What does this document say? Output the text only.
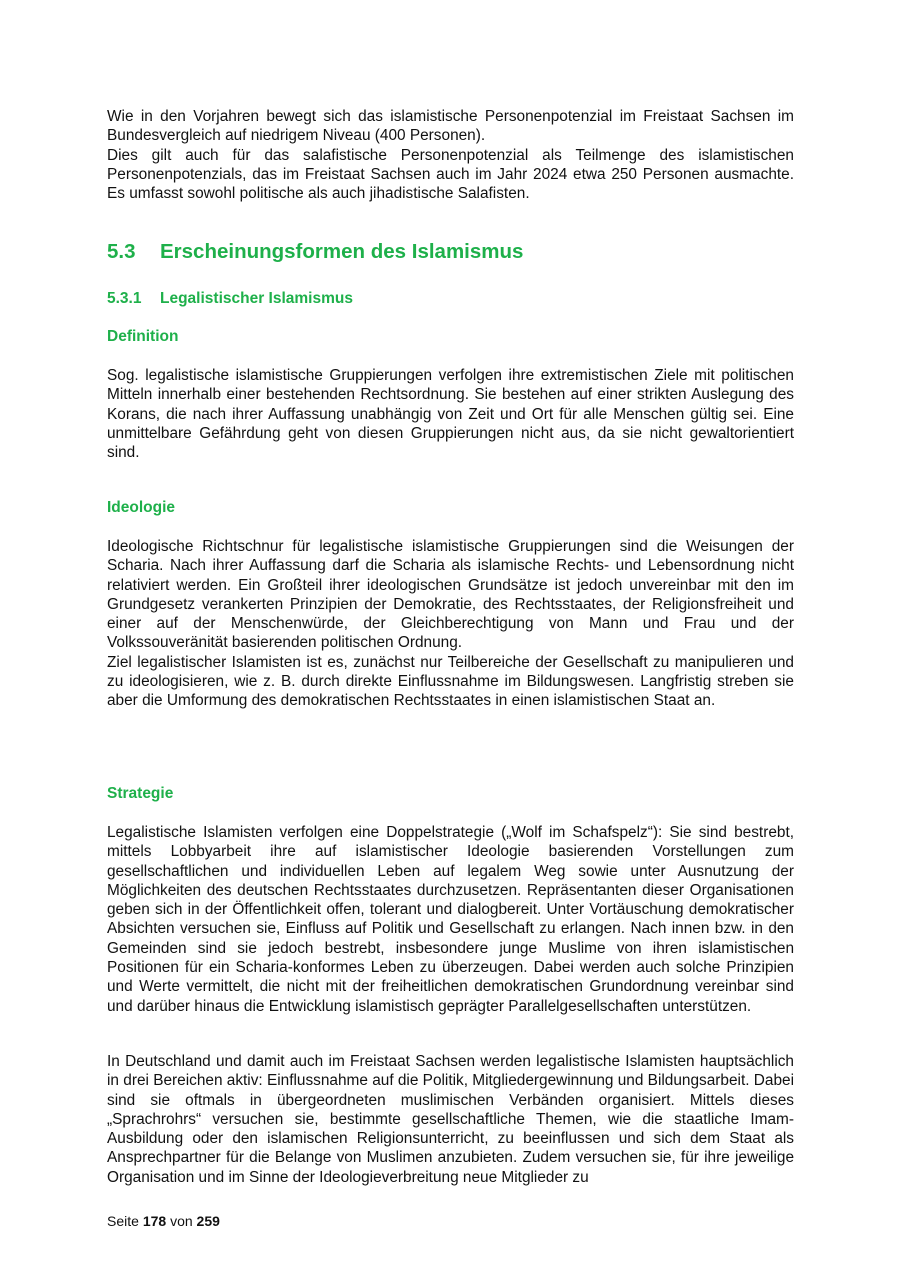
Wie in den Vorjahren bewegt sich das islamistische Personenpotenzial im Freistaat Sachsen im Bundesvergleich auf niedrigem Niveau (400 Personen).

Dies gilt auch für das salafistische Personenpotenzial als Teilmenge des islamistischen Personenpotenzials, das im Freistaat Sachsen auch im Jahr 2024 etwa 250 Personen ausmachte. Es umfasst sowohl politische als auch jihadistische Salafisten.

5.3 Erscheinungsformen des Islamismus
5.3.1 Legalistischer Islamismus
Definition

Sog. legalistische islamistische Gruppierungen verfolgen ihre extremistischen Ziele mit politischen Mitteln innerhalb einer bestehenden Rechtsordnung. Sie bestehen auf einer strikten Auslegung des Korans, die nach ihrer Auffassung unabhängig von Zeit und Ort für alle Menschen gültig sei. Eine unmittelbare Gefährdung geht von diesen Gruppierungen nicht aus, da sie nicht gewaltorientiert sind.

Ideologie

Ideologische Richtschnur für legalistische islamistische Gruppierungen sind die Weisungen der Scharia. Nach ihrer Auffassung darf die Scharia als islamische Rechts- und Lebensordnung nicht relativiert werden. Ein Großteil ihrer ideologischen Grundsätze ist jedoch unvereinbar mit den im Grundgesetz verankerten Prinzipien der Demokratie, des Rechtsstaates, der Religionsfreiheit und einer auf der Menschenwürde, der Gleichberechtigung von Mann und Frau und der Volkssouveränität basierenden politischen Ordnung.

Ziel legalistischer Islamisten ist es, zunächst nur Teilbereiche der Gesellschaft zu manipulieren und zu ideologisieren, wie z. B. durch direkte Einflussnahme im Bildungswesen. Langfristig streben sie aber die Umformung des demokratischen Rechtsstaates in einen islamistischen Staat an.

Strategie

Legalistische Islamisten verfolgen eine Doppelstrategie („Wolf im Schafspelz“): Sie sind bestrebt, mittels Lobbyarbeit ihre auf islamistischer Ideologie basierenden Vorstellungen zum gesellschaftlichen und individuellen Leben auf legalem Weg sowie unter Ausnutzung der Möglichkeiten des deutschen Rechtsstaates durchzusetzen. Repräsentanten dieser Organisationen geben sich in der Öffentlichkeit offen, tolerant und dialogbereit. Unter Vortäuschung demokratischer Absichten versuchen sie, Einfluss auf Politik und Gesellschaft zu erlangen. Nach innen bzw. in den Gemeinden sind sie jedoch bestrebt, insbesondere junge Muslime von ihren islamistischen Positionen für ein Scharia-konformes Leben zu überzeugen. Dabei werden auch solche Prinzipien und Werte vermittelt, die nicht mit der freiheitlichen demokratischen Grundordnung vereinbar sind und darüber hinaus die Entwicklung islamistisch geprägter Parallelgesellschaften unterstützen.

In Deutschland und damit auch im Freistaat Sachsen werden legalistische Islamisten hauptsächlich in drei Bereichen aktiv: Einflussnahme auf die Politik, Mitgliedergewinnung und Bildungsarbeit. Dabei sind sie oftmals in übergeordneten muslimischen Verbänden organisiert. Mittels dieses „Sprachrohrs“ versuchen sie, bestimmte gesellschaftliche Themen, wie die staatliche Imam-Ausbildung oder den islamischen Religionsunterricht, zu beeinflussen und sich dem Staat als Ansprechpartner für die Belange von Muslimen anzubieten. Zudem versuchen sie, für ihre jeweilige Organisation und im Sinne der Ideologieverbreitung neue Mitglieder zu

Seite 178 von 259
